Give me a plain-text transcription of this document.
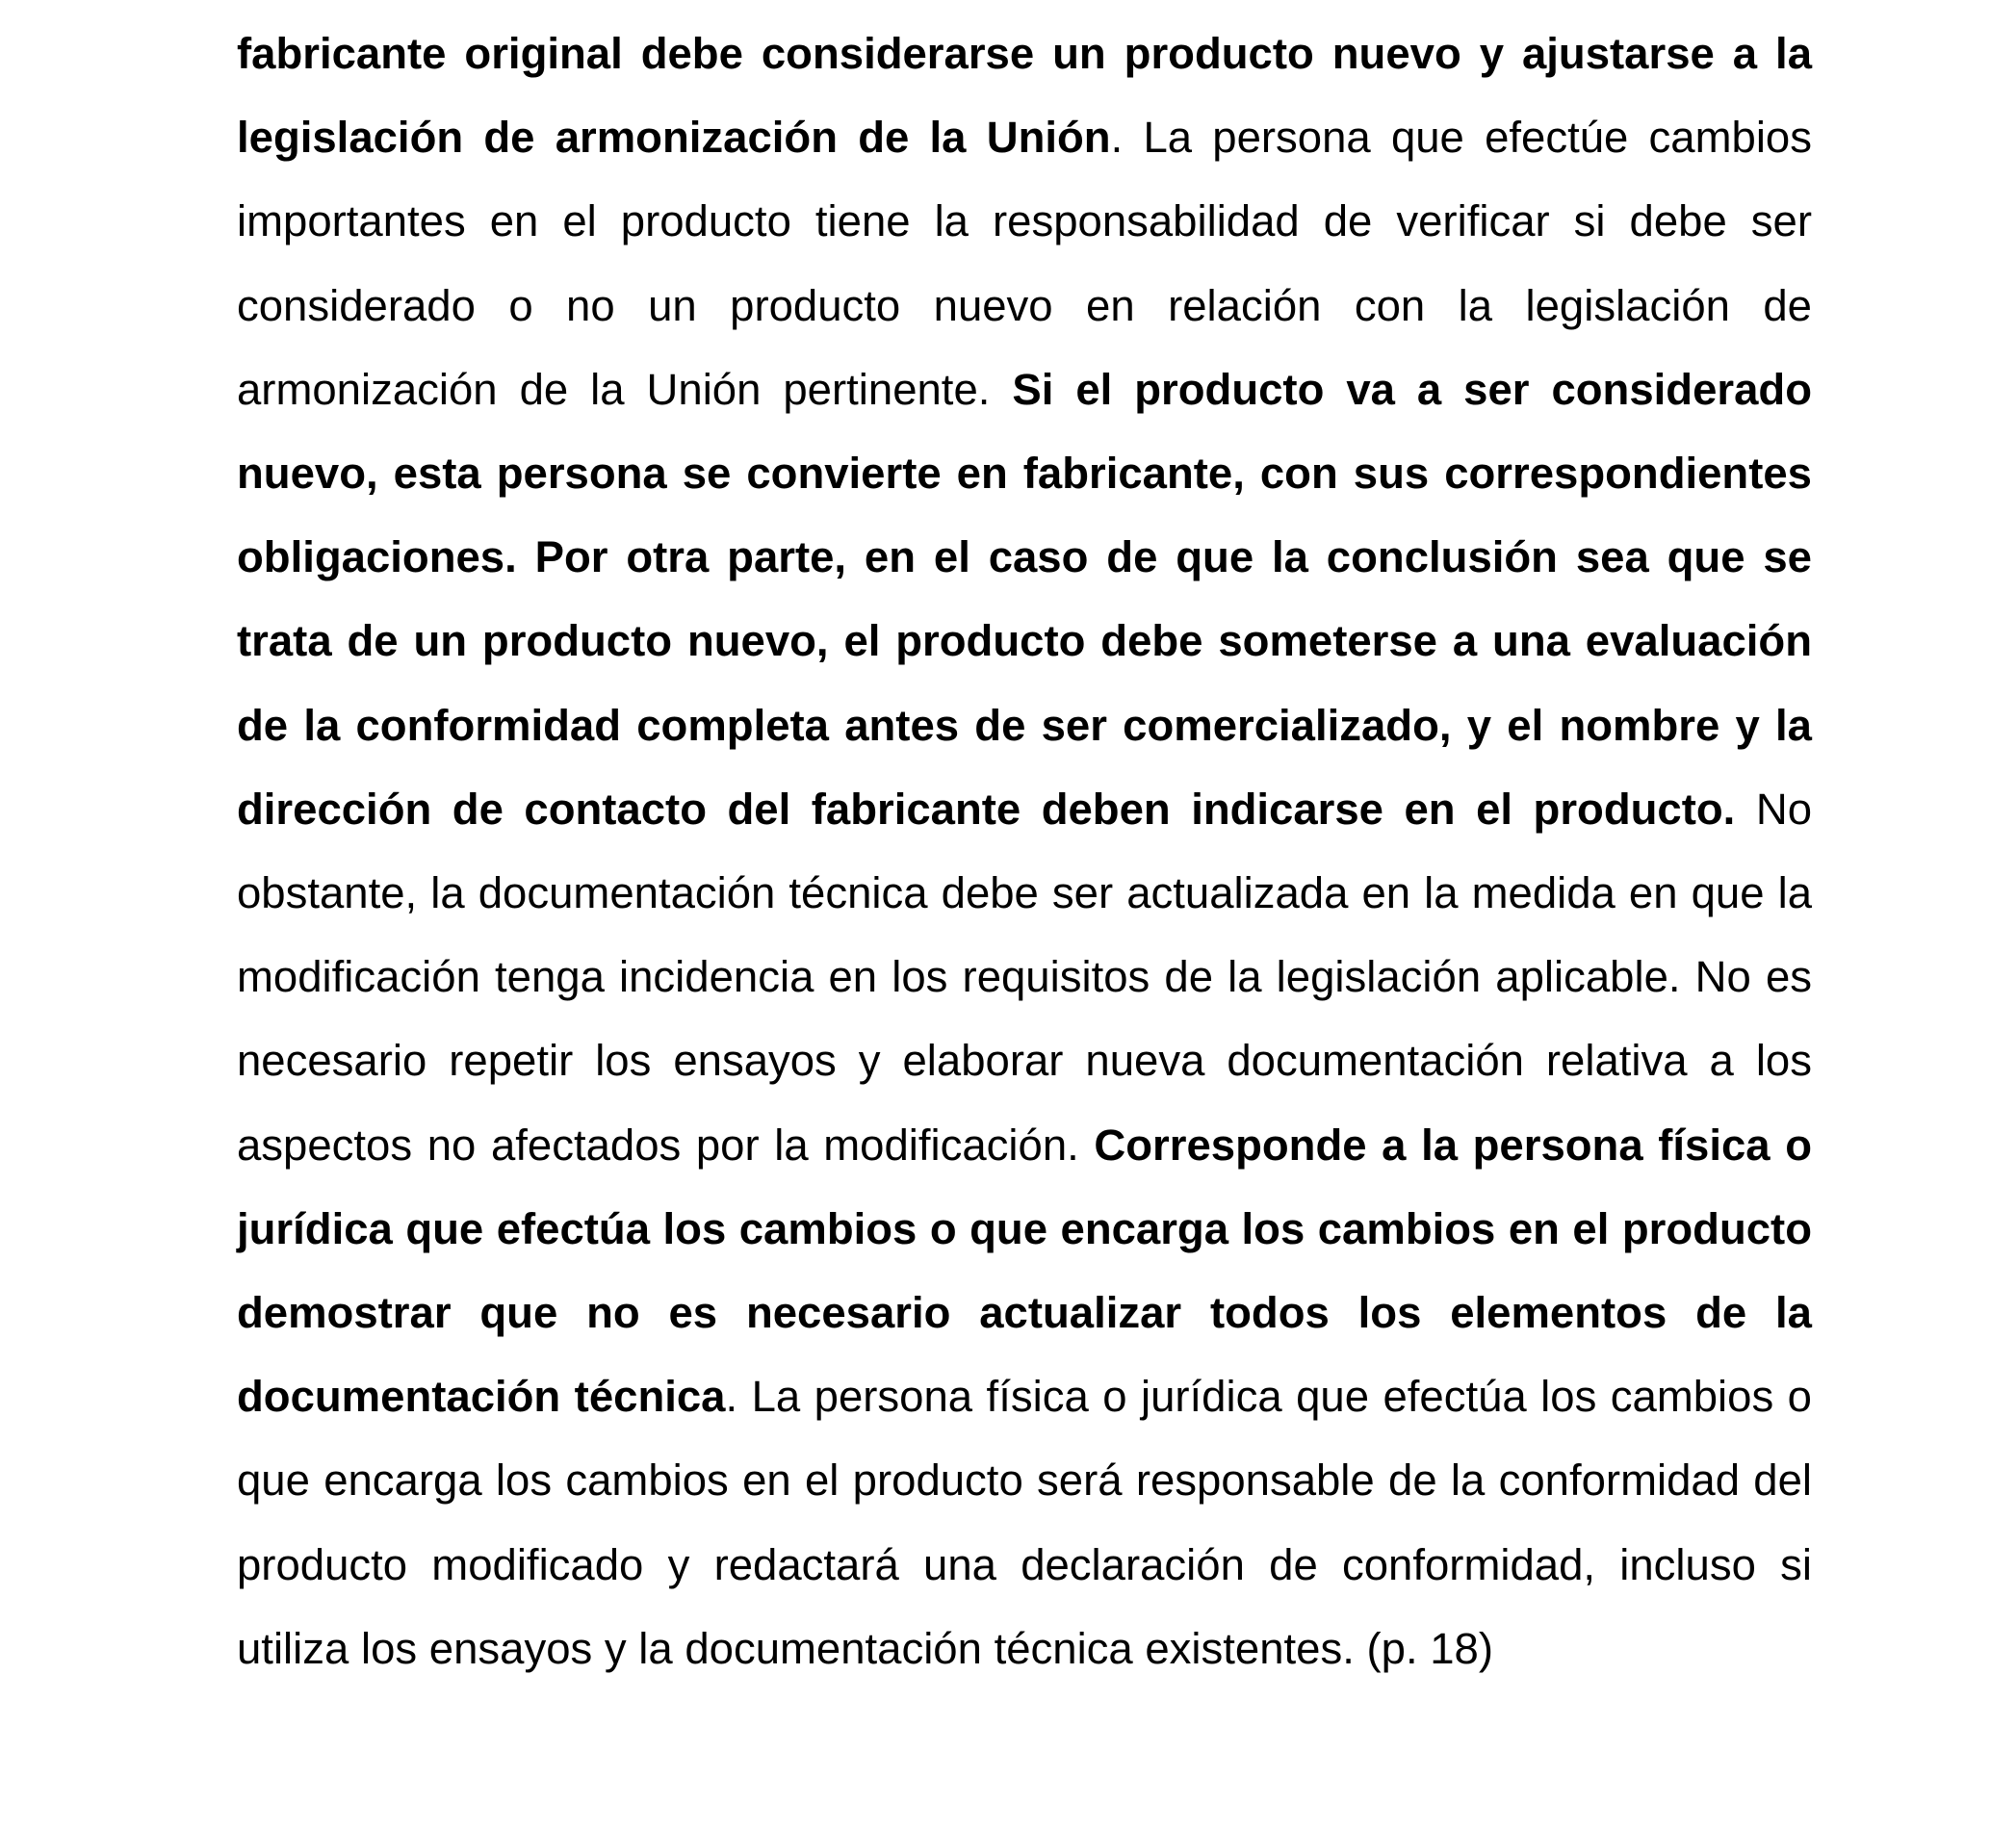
fabricante original debe considerarse un producto nuevo y ajustarse a la legislación de armonización de la Unión. La persona que efectúe cambios importantes en el producto tiene la responsabilidad de verificar si debe ser considerado o no un producto nuevo en relación con la legislación de armonización de la Unión pertinente. Si el producto va a ser considerado nuevo, esta persona se convierte en fabricante, con sus correspondientes obligaciones. Por otra parte, en el caso de que la conclusión sea que se trata de un producto nuevo, el producto debe someterse a una evaluación de la conformidad completa antes de ser comercializado, y el nombre y la dirección de contacto del fabricante deben indicarse en el producto. No obstante, la documentación técnica debe ser actualizada en la medida en que la modificación tenga incidencia en los requisitos de la legislación aplicable. No es necesario repetir los ensayos y elaborar nueva documentación relativa a los aspectos no afectados por la modificación. Corresponde a la persona física o jurídica que efectúa los cambios o que encarga los cambios en el producto demostrar que no es necesario actualizar todos los elementos de la documentación técnica. La persona física o jurídica que efectúa los cambios o que encarga los cambios en el producto será responsable de la conformidad del producto modificado y redactará una declaración de conformidad, incluso si utiliza los ensayos y la documentación técnica existentes. (p. 18)
